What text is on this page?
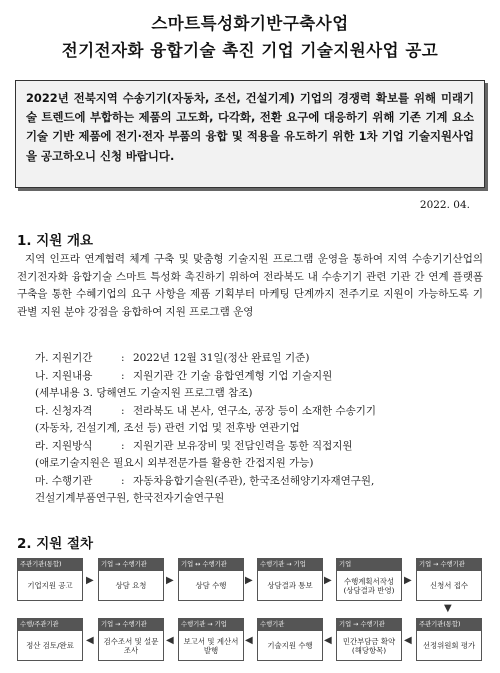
스마트특성화기반구축사업
전기전자화 융합기술 촉진 기업 기술지원사업 공고
2022년 전북지역 수송기기(자동차, 조선, 건설기계) 기업의 경쟁력 확보를 위해 미래기술 트렌드에 부합하는 제품의 고도화, 다각화, 전환 요구에 대응하기 위해 기존 기계 요소기술 기반 제품에 전기·전자 부품의 융합 및 적용을 유도하기 위한 1차 기업 기술지원사업을 공고하오니 신청 바랍니다.
2022. 04.
1. 지원 개요
지역 인프라 연계협력 체계 구축 및 맞춤형 기술지원 프로그램 운영을 통하여 지역 수송기기산업의 전기전자화 융합기술 스마트 특성화 촉진하기 위하여 전라북도 내 수송기기 관련 기관 간 연계 플랫폼 구축을 통한 수혜기업의 요구 사항을 제품 기획부터 마케팅 단계까지 전주기로 지원이 가능하도록 기관별 지원 분야 강점을 융합하여 지원 프로그램 운영
가. 지원기간	: 2022년 12월 31일(정산 완료일 기준)
나. 지원내용	: 지원기관 간 기술 융합연계형 기업 기술지원
(세부내용 3. 당해연도 기술지원 프로그램 참조)
다. 신청자격	: 전라북도 내 본사, 연구소, 공장 등이 소재한 수송기기
(자동차, 건설기계, 조선 등) 관련 기업 및 전후방 연관기업
라. 지원방식	: 지원기관 보유장비 및 전담인력을 통한 직접지원
(애로기술지원은 필요시 외부전문가를 활용한 간접지원 가능)
마. 수행기관	: 자동차융합기술원(주관), 한국조선해양기자재연구원,
건설기계부품연구원, 한국전자기술연구원
2. 지원 절차
주관기관(통합)
기업지원 공고
기업 → 수행기관
상담 요청
기업 ↔ 수행기관
상담 수행
수행기관 → 기업
상담결과 통보
기업
수행계획서작성 (상담결과 반영)
기업 → 수행기관
신청서 접수
▶	▶	▶	▶	▶
▼
수행/주관기관
정산 검토/완료
기업 → 수행기관
검수조서 및 설문 조사
수행기관 → 기업
보고서 및 계산서 발행
수행기관
기술지원 수행
기업 → 수행기관
민간부담금 확약 (해당항목)
주관기관(통합)
선정위원회 평가
◀	◀	◀	◀	◀
